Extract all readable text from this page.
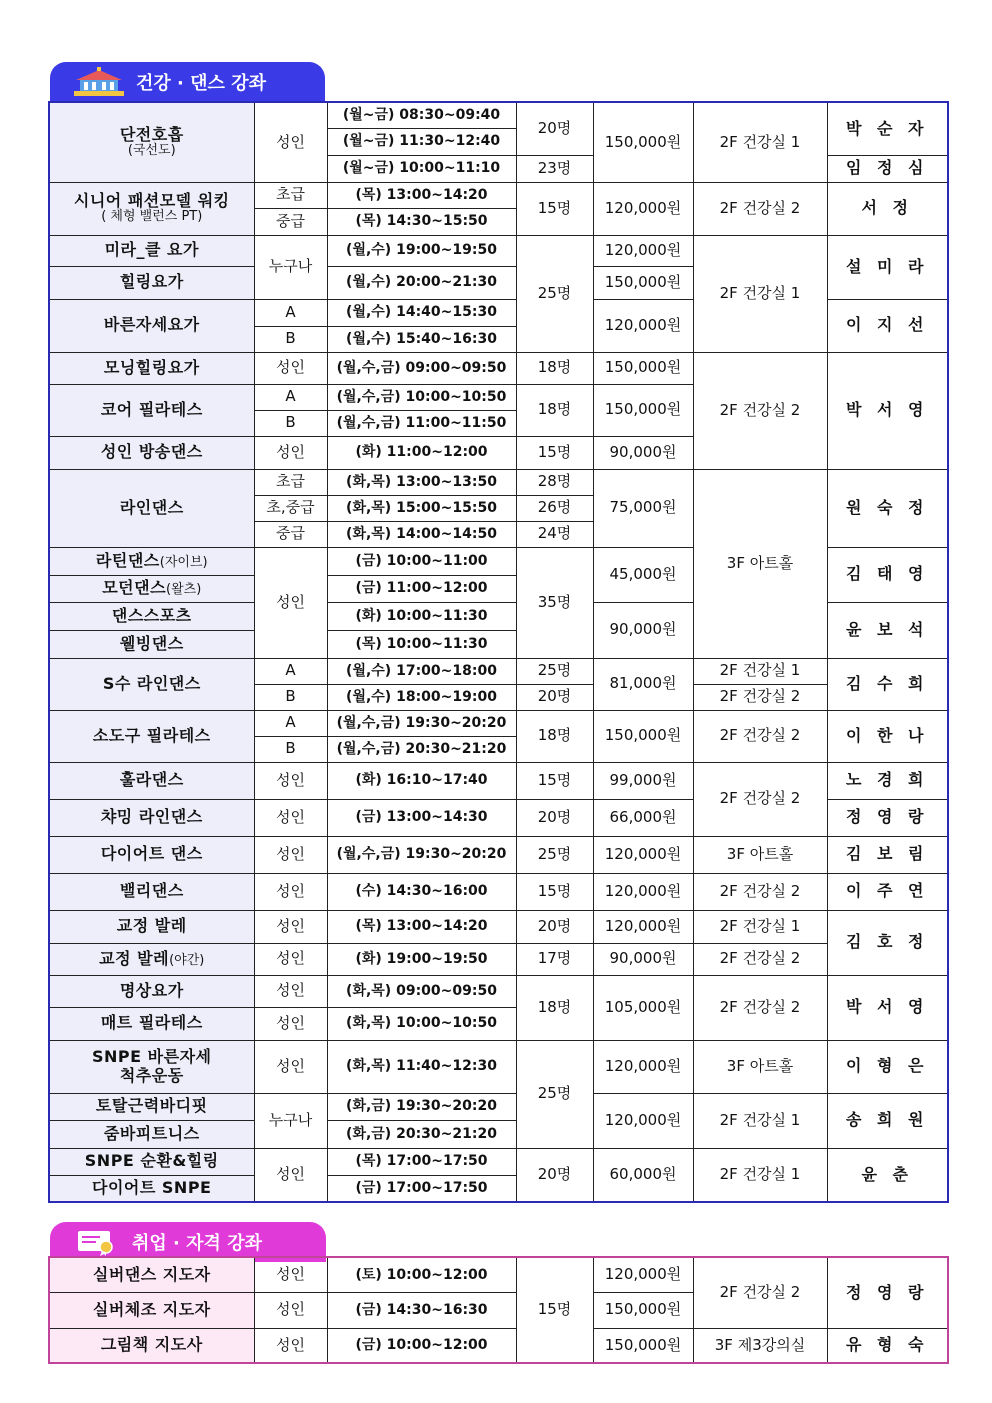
건강 · 댄스 강좌
단전호흡
(국선도)	성인	(월~금) 08:30~09:40	20명	150,000원	2F 건강실 1	박 순 자
		(월~금) 11:30~12:40				
		(월~금) 10:00~11:10	23명			임 정 심
시니어 패션모델 워킹
( 체형 밸런스 PT)	초급	(목) 13:00~14:20	15명	120,000원	2F 건강실 2	서 정
	중급	(목) 14:30~15:50				
미라_클 요가	누구나	(월,수) 19:00~19:50	25명	120,000원	2F 건강실 1	설 미 라
힐링요가		(월,수) 20:00~21:30		150,000원		
바른자세요가	A	(월,수) 14:40~15:30		120,000원		이 지 선
	B	(월,수) 15:40~16:30				
모닝힐링요가	성인	(월,수,금) 09:00~09:50	18명	150,000원	2F 건강실 2	박 서 영
코어 필라테스	A	(월,수,금) 10:00~10:50	18명	150,000원		
	B	(월,수,금) 11:00~11:50				
성인 방송댄스	성인	(화) 11:00~12:00	15명	90,000원		
라인댄스	초급	(화,목) 13:00~13:50	28명	75,000원	3F 아트홀	원 숙 정
	초,중급	(화,목) 15:00~15:50	26명			
	중급	(화,목) 14:00~14:50	24명			
라틴댄스(자이브)	성인	(금) 10:00~11:00	35명	45,000원		김 태 영
모던댄스(왈츠)		(금) 11:00~12:00				
댄스스포츠		(화) 10:00~11:30		90,000원		윤 보 석
웰빙댄스		(목) 10:00~11:30				
S수 라인댄스	A	(월,수) 17:00~18:00	25명	81,000원	2F 건강실 1	김 수 희
	B	(월,수) 18:00~19:00	20명		2F 건강실 2	
소도구 필라테스	A	(월,수,금) 19:30~20:20	18명	150,000원	2F 건강실 2	이 한 나
	B	(월,수,금) 20:30~21:20				
훌라댄스	성인	(화) 16:10~17:40	15명	99,000원	2F 건강실 2	노 경 희
챠밍 라인댄스	성인	(금) 13:00~14:30	20명	66,000원		정 영 랑
다이어트 댄스	성인	(월,수,금) 19:30~20:20	25명	120,000원	3F 아트홀	김 보 림
밸리댄스	성인	(수) 14:30~16:00	15명	120,000원	2F 건강실 2	이 주 연
교정 발레	성인	(목) 13:00~14:20	20명	120,000원	2F 건강실 1	김 호 정
교정 발레(야간)	성인	(화) 19:00~19:50	17명	90,000원	2F 건강실 2	
명상요가	성인	(화,목) 09:00~09:50	18명	105,000원	2F 건강실 2	박 서 영
매트 필라테스	성인	(화,목) 10:00~10:50				
SNPE 바른자세
척추운동	성인	(화,목) 11:40~12:30	25명	120,000원	3F 아트홀	이 형 은
토탈근력바디핏	누구나	(화,금) 19:30~20:20		120,000원	2F 건강실 1	송 희 원
줌바피트니스		(화,금) 20:30~21:20				
SNPE 순환&힐링	성인	(목) 17:00~17:50	20명	60,000원	2F 건강실 1	윤 춘
다이어트 SNPE		(금) 17:00~17:50				
취업 · 자격 강좌
실버댄스 지도자	성인	(토) 10:00~12:00	15명	120,000원	2F 건강실 2	정 영 랑
실버체조 지도자	성인	(금) 14:30~16:30		150,000원		
그림책 지도사	성인	(금) 10:00~12:00		150,000원	3F 제3강의실	유 형 숙
